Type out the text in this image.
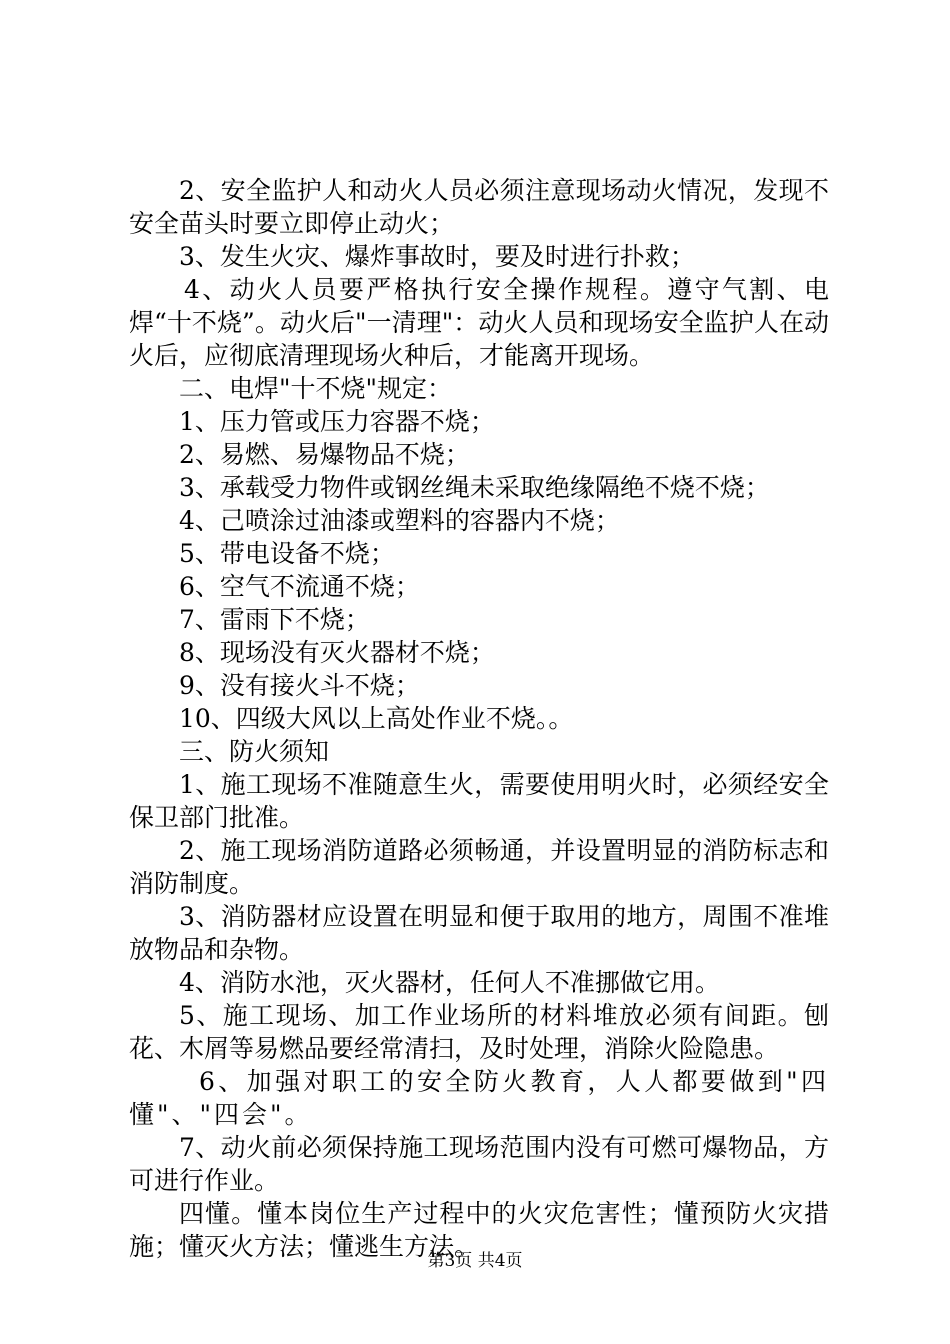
2、安全监护人和动火人员必须注意现场动火情况，发现不安全苗头时要立即停止动火；

3、发生火灾、爆炸事故时，要及时进行扑救；

4、动火人员要严格执行安全操作规程。遵守气割、电焊“十不烧”。动火后"一清理"：动火人员和现场安全监护人在动火后，应彻底清理现场火种后，才能离开现场。

二、电焊"十不烧"规定：

1、压力管或压力容器不烧；

2、易燃、易爆物品不烧；

3、承载受力物件或钢丝绳未采取绝缘隔绝不烧不烧；

4、己喷涂过油漆或塑料的容器内不烧；

5、带电设备不烧；

6、空气不流通不烧；

7、雷雨下不烧；

8、现场没有灭火器材不烧；

9、没有接火斗不烧；

10、四级大风以上高处作业不烧。。

三、防火须知

1、施工现场不准随意生火，需要使用明火时，必须经安全保卫部门批准。

2、施工现场消防道路必须畅通，并设置明显的消防标志和消防制度。

3、消防器材应设置在明显和便于取用的地方，周围不准堆放物品和杂物。

4、消防水池，灭火器材，任何人不准挪做它用。

5、施工现场、加工作业场所的材料堆放必须有间距。刨花、木屑等易燃品要经常清扫，及时处理，消除火险隐患。

6、加强对职工的安全防火教育，人人都要做到"四懂"、"四会"。

7、动火前必须保持施工现场范围内没有可燃可爆物品，方可进行作业。

四懂。懂本岗位生产过程中的火灾危害性；懂预防火灾措施；懂灭火方法；懂逃生方法。

第3页 共4页
